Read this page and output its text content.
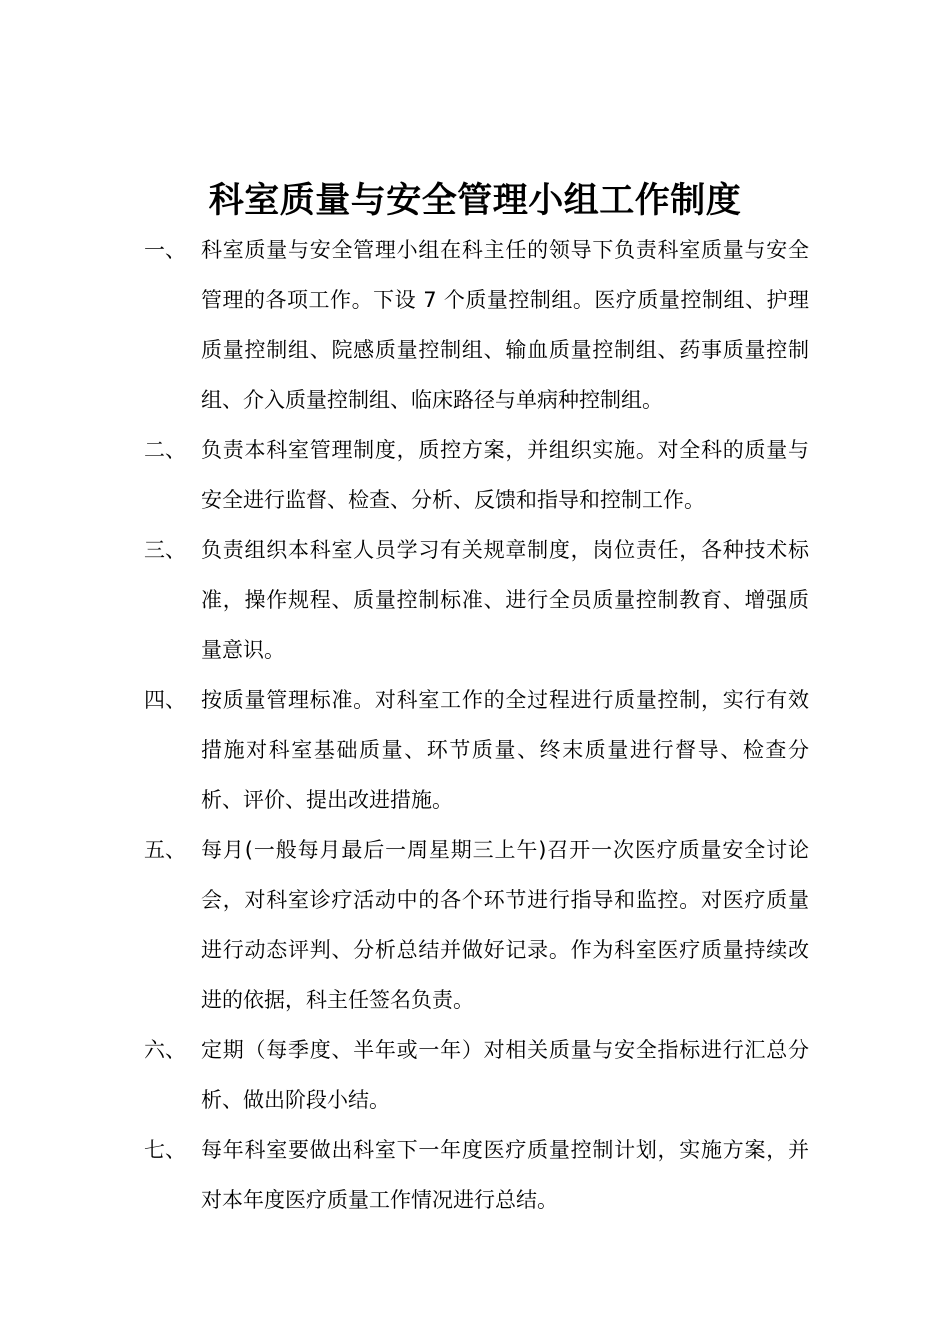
科室质量与安全管理小组工作制度
一、 科室质量与安全管理小组在科主任的领导下负责科室质量与安全管理的各项工作。下设 7 个质量控制组。医疗质量控制组、护理质量控制组、院感质量控制组、输血质量控制组、药事质量控制组、介入质量控制组、临床路径与单病种控制组。
二、 负责本科室管理制度，质控方案，并组织实施。对全科的质量与安全进行监督、检查、分析、反馈和指导和控制工作。
三、 负责组织本科室人员学习有关规章制度，岗位责任，各种技术标准，操作规程、质量控制标准、进行全员质量控制教育、增强质量意识。
四、 按质量管理标准。对科室工作的全过程进行质量控制，实行有效措施对科室基础质量、环节质量、终末质量进行督导、检查分析、评价、提出改进措施。
五、 每月(一般每月最后一周星期三上午)召开一次医疗质量安全讨论会，对科室诊疗活动中的各个环节进行指导和监控。对医疗质量进行动态评判、分析总结并做好记录。作为科室医疗质量持续改进的依据，科主任签名负责。
六、 定期（每季度、半年或一年）对相关质量与安全指标进行汇总分析、做出阶段小结。
七、 每年科室要做出科室下一年度医疗质量控制计划，实施方案，并对本年度医疗质量工作情况进行总结。
